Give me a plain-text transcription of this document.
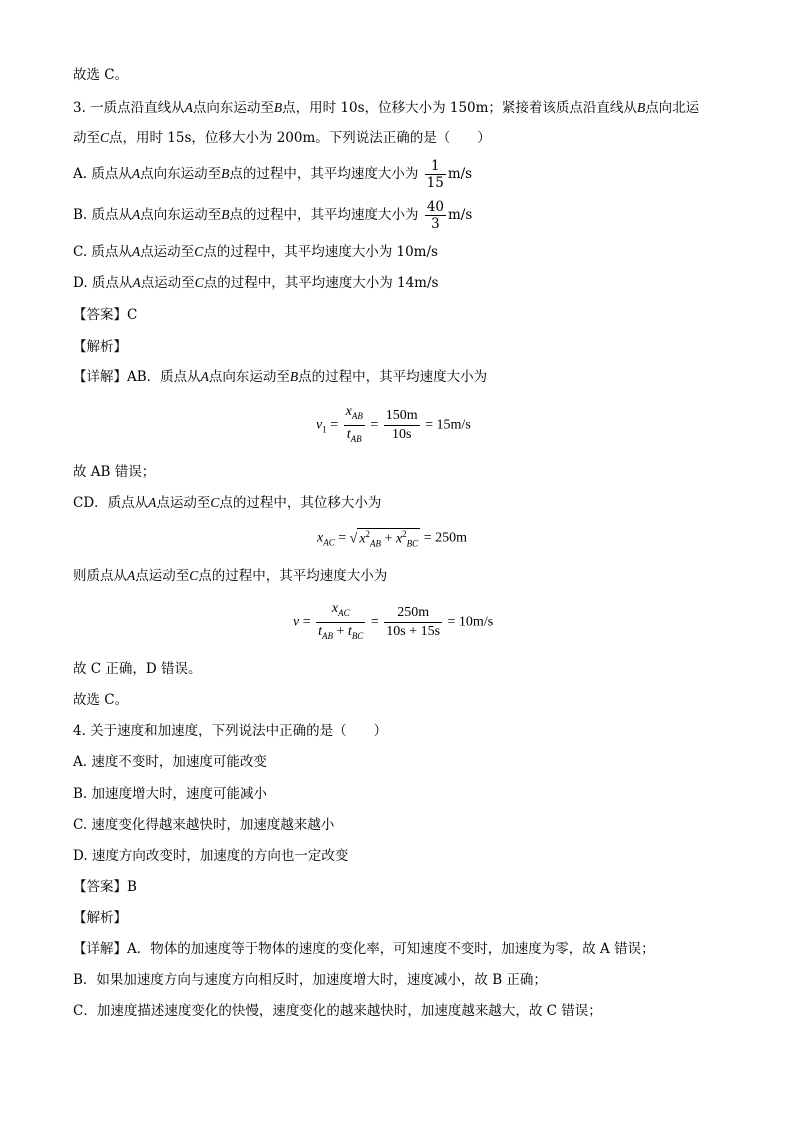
故选 C。
3. 一质点沿直线从A点向东运动至B点，用时 10s，位移大小为 150m；紧接着该质点沿直线从B点向北运
动至C点，用时 15s，位移大小为 200m。下列说法正确的是（　　）
A. 质点从A点向东运动至B点的过程中，其平均速度大小为 $\frac{1}{15} m/s$
B. 质点从A点向东运动至B点的过程中，其平均速度大小为 $\frac{40}{3} m/s$
C. 质点从A点运动至C点的过程中，其平均速度大小为 10m/s
D. 质点从A点运动至C点的过程中，其平均速度大小为 14m/s
【答案】C
【解析】
【详解】AB．质点从A点向东运动至B点的过程中，其平均速度大小为
$v_1 = \frac{x_{AB}}{t_{AB}} = \frac{150m}{10s} = 15m/s$
故 AB 错误；
CD．质点从A点运动至C点的过程中，其位移大小为
$x_{AC}$ = √ $x^2_{AB} + x^2_{BC} = 250m$
则质点从A点运动至C点的过程中，其平均速度大小为
$v = \frac{x_{AC}}{t_{AB} + t_{BC}} = \frac{250m}{10s + 15s} = 10m/s$
故 C 正确，D 错误。
故选 C。
4. 关于速度和加速度，下列说法中正确的是（　　）
A. 速度不变时，加速度可能改变
B. 加速度增大时，速度可能减小
C. 速度变化得越来越快时，加速度越来越小
D. 速度方向改变时，加速度的方向也一定改变
【答案】B
【解析】
【详解】A．物体的加速度等于物体的速度的变化率，可知速度不变时，加速度为零，故 A 错误；
B．如果加速度方向与速度方向相反时，加速度增大时，速度减小，故 B 正确；
C．加速度描述速度变化的快慢，速度变化的越来越快时，加速度越来越大，故 C 错误；
